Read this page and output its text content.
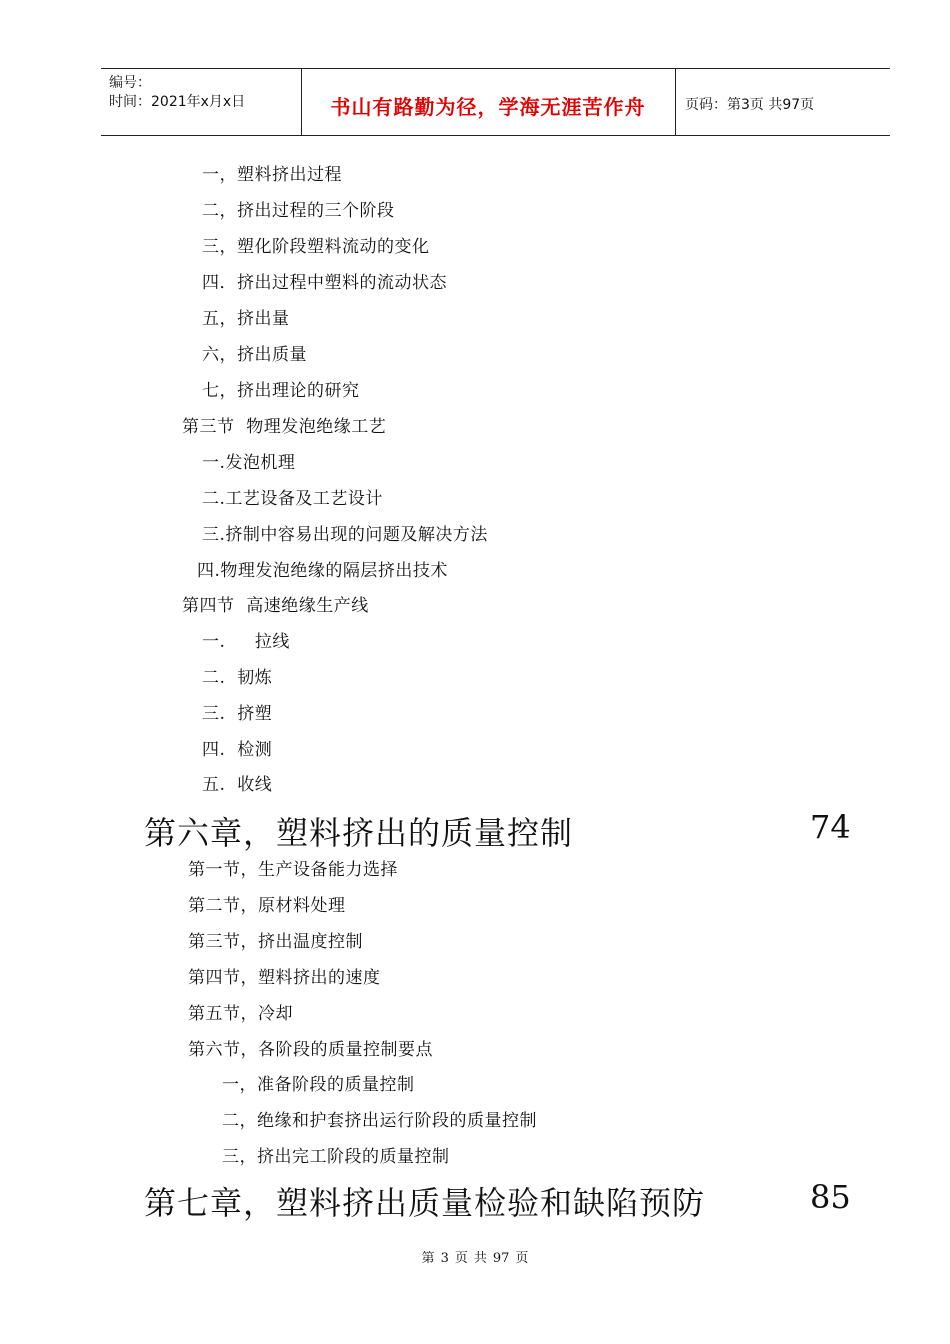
编号：
时间：2021年x月x日	书山有路勤为径，学海无涯苦作舟	页码：第3页 共97页
一，塑料挤出过程
二，挤出过程的三个阶段
三，塑化阶段塑料流动的变化
四．挤出过程中塑料的流动状态
五，挤出量
六，挤出质量
七，挤出理论的研究
第三节  物理发泡绝缘工艺
一.发泡机理
二.工艺设备及工艺设计
三.挤制中容易出现的问题及解决方法
四.物理发泡绝缘的隔层挤出技术
第四节  高速绝缘生产线
一.     拉线
二.  韧炼
三.  挤塑
四.  检测
五.  收线
第六章，塑料挤出的质量控制	74
第一节，生产设备能力选择
第二节，原材料处理
第三节，挤出温度控制
第四节，塑料挤出的速度
第五节，冷却
第六节，各阶段的质量控制要点
一，准备阶段的质量控制
二，绝缘和护套挤出运行阶段的质量控制
三，挤出完工阶段的质量控制
第七章，塑料挤出质量检验和缺陷预防	85
第 3 页 共 97 页
